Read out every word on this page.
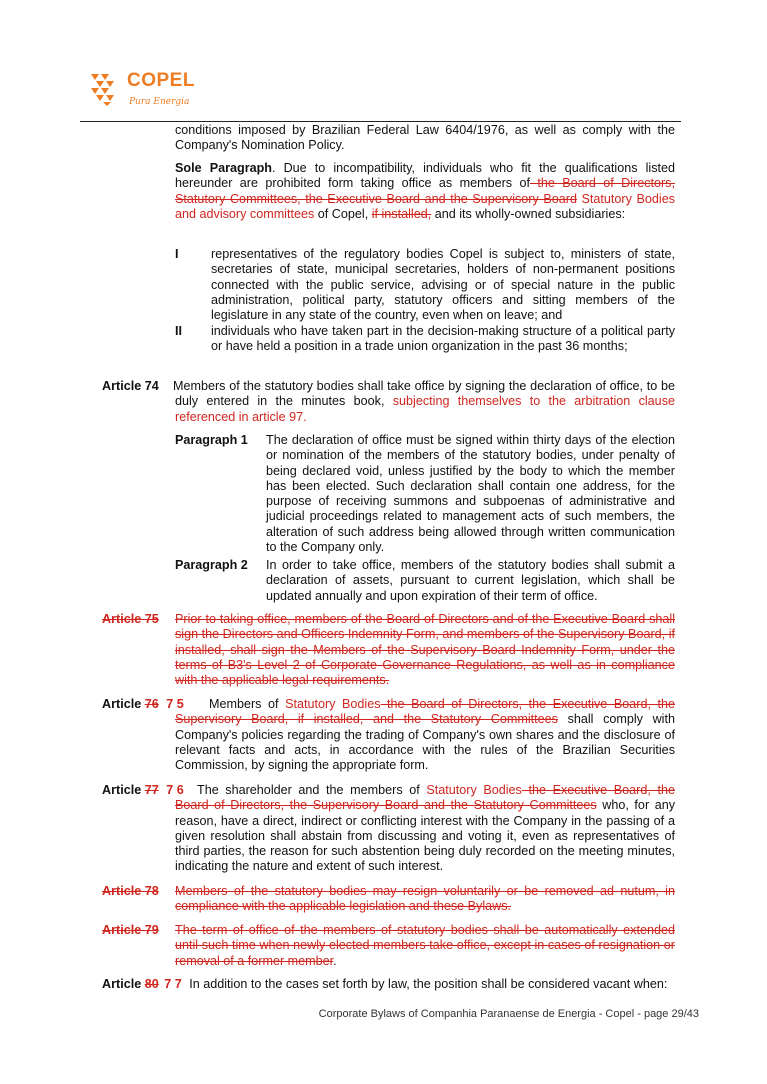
COPEL
Pura Energia
conditions imposed by Brazilian Federal Law 6404/1976, as well as comply with the Company's Nomination Policy.
Sole Paragraph. Due to incompatibility, individuals who fit the qualifications listed hereunder are prohibited form taking office as members of the Board of Directors, Statutory Committees, the Executive Board and the Supervisory Board Statutory Bodies and advisory committees of Copel, if installed, and its wholly-owned subsidiaries:
I	representatives of the regulatory bodies Copel is subject to, ministers of state, secretaries of state, municipal secretaries, holders of non-permanent positions connected with the public service, advising or of special nature in the public administration, political party, statutory officers and sitting members of the legislature in any state of the country, even when on leave; and
II individuals who have taken part in the decision-making structure of a political party or have held a position in a trade union organization in the past 36 months;
Article 74 Members of the statutory bodies shall take office by signing the declaration of office, to be duly entered in the minutes book, subjecting themselves to the arbitration clause referenced in article 97.
Paragraph 1 The declaration of office must be signed within thirty days of the election or nomination of the members of the statutory bodies, under penalty of being declared void, unless justified by the body to which the member has been elected. Such declaration shall contain one address, for the purpose of receiving summons and subpoenas of administrative and judicial proceedings related to management acts of such members, the alteration of such address being allowed through written communication to the Company only.
Paragraph 2 In order to take office, members of the statutory bodies shall submit a declaration of assets, pursuant to current legislation, which shall be updated annually and upon expiration of their term of office.
Article 75 Prior to taking office, members of the Board of Directors and of the Executive Board shall sign the Directors and Officers Indemnity Form, and members of the Supervisory Board, if installed, shall sign the Members of the Supervisory Board Indemnity Form, under the terms of B3's Level 2 of Corporate Governance Regulations, as well as in compliance with the applicable legal requirements.
Article 76 7 5	Members of Statutory Bodies the Board of Directors, the Executive Board, the Supervisory Board, if installed, and the Statutory Committees shall comply with Company's policies regarding the trading of Company's own shares and the disclosure of relevant facts and acts, in accordance with the rules of the Brazilian Securities Commission, by signing the appropriate form.
Article 77 7 6	The shareholder and the members of Statutory Bodies the Executive Board, the Board of Directors, the Supervisory Board and the Statutory Committees who, for any reason, have a direct, indirect or conflicting interest with the Company in the passing of a given resolution shall abstain from discussing and voting it, even as representatives of third parties, the reason for such abstention being duly recorded on the meeting minutes, indicating the nature and extent of such interest.
Article 78 Members of the statutory bodies may resign voluntarily or be removed ad nutum, in compliance with the applicable legislation and these Bylaws.
Article 79 The term of office of the members of statutory bodies shall be automatically extended until such time when newly elected members take office, except in cases of resignation or removal of a former member.
Article 80 7 7 In addition to the cases set forth by law, the position shall be considered vacant when:
Corporate Bylaws of Companhia Paranaense de Energia - Copel - page 29/43
